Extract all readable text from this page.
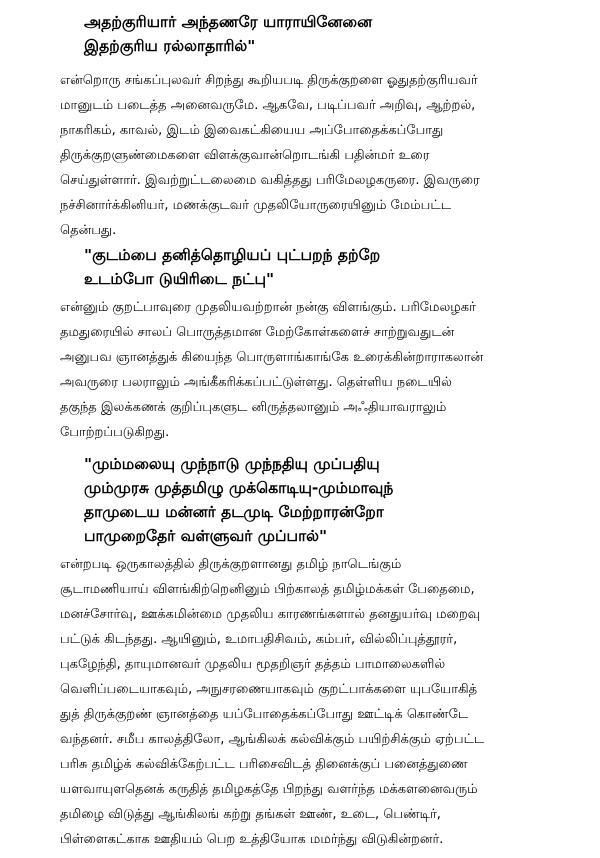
அதற்குரியார் அந்தணரே யாராயினேனை
இதற்குரிய ரல்லாதாரில்"
என்றொரு சங்கப்புலவர் சிறந்து கூறியபடி திருக்குறளை ஓதுதற்குரியவர்
மானுடம் படைத்த அனைவருமே. ஆகவே, படிப்பவர் அறிவு, ஆற்றல்,
நாகரிகம், காவல், இடம் இவைகட்கியைய அப்போதைக்கப்போது
திருக்குறளுண்மைகளை விளக்குவான்றொடங்கி பதின்மர் உரை
செய்துள்ளார். இவற்றுட்டலைமை வகித்தது பரிமேலழகருரை. இவருரை
நச்சினார்க்கினியர், மணக்குடவர் முதலியோருரையினும் மேம்பட்ட
தென்பது.
"குடம்பை தனித்தொழியப் புட்பறந் தற்றே
உடம்போ டுயிரிடை நட்பு"
என்னும் குறட்பாவுரை முதலியவற்றான் நன்கு விளங்கும். பரிமேலழகர்
தமதுரையில் சாலப் பொருத்தமான மேற்கோள்களைச் சாற்றுவதுடன்
அனுபவ ஞானத்துக் கியைந்த பொருளாங்காங்கே உரைக்கின்றாராகலான்
அவருரை பலராலும் அங்கீகரிக்கப்பட்டுள்ளது. தெள்ளிய நடையில்
தகுந்த இலக்கணக் குறிப்புகளுட னிருத்தலானும் அஃதியாவராலும்
போற்றப்படுகிறது.
"மும்மலையு முந்நாடு முந்நதியு முப்பதியு
மும்முரசு முத்தமிழு முக்கொடியு-மும்மாவுந்
தாமுடைய மன்னர் தடமுடி மேற்றாரன்றோ
பாமுறைதேர் வள்ளுவர் முப்பால்"
என்றபடி ஒருகாலத்தில் திருக்குறளானது தமிழ் நாடெங்கும்
சூடாமணியாய் விளங்கிற்றெனினும் பிற்காலத் தமிழ்மக்கள் பேதைமை,
மனச்சோர்வு, ஊக்கமின்மை முதலிய காரணங்களால் தனதுயர்வு மறைவு
பட்டுக் கிடந்தது. ஆயினும், உமாபதிசிவம், கம்பர், வில்லிப்புத்தூரர்,
புகழேந்தி, தாயுமானவர் முதலிய மூதறிஞர் தத்தம் பாமாலைகளில்
வெளிப்படையாகவும், அநுசரணையாகவும் குறட்பாக்களை யுபயோகித்
துத் திருக்குறண் ஞானத்தை யப்போதைக்கப்போது ஊட்டிக் கொண்டே
வந்தனர். சமீப காலத்திலோ, ஆங்கிலக் கல்விக்கும் பயிற்சிக்கும் ஏற்பட்ட
பரிசு தமிழ்க் கல்விக்கேற்பட்ட பரிசைவிடத் தினைக்குப் பனைத்துணை
யளவாயுளதெனக் கருதித் தமிழகத்தே பிறந்து வளர்ந்த மக்களனைவரும்
தமிழை விடுத்து ஆங்கிலங் கற்று தங்கள் ஊண், உடை, பெண்டிர்,
பிள்ளைகட்காக ஊதியம் பெற உத்தியோக மமர்ந்து விடுகின்றனர்.
